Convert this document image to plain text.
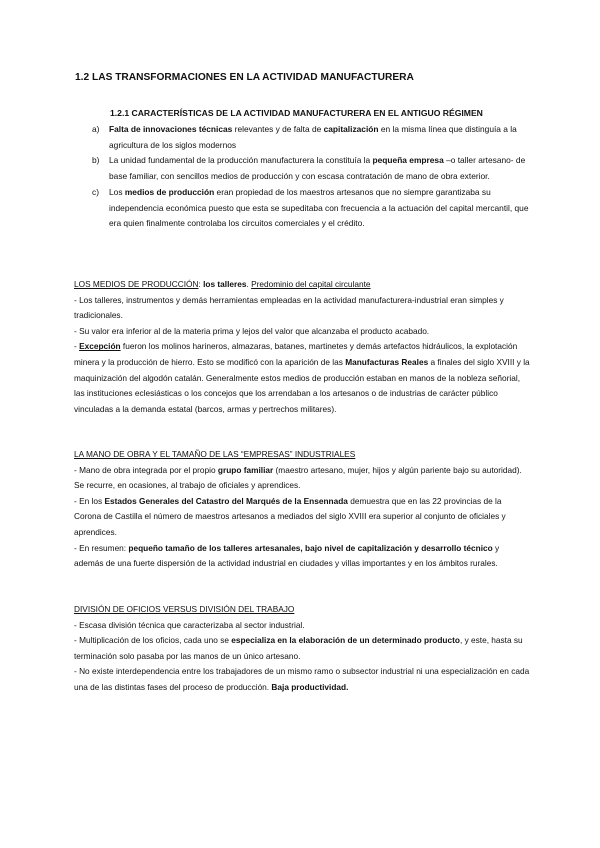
1.2 LAS TRANSFORMACIONES EN LA ACTIVIDAD MANUFACTURERA
1.2.1 CARACTERÍSTICAS DE LA ACTIVIDAD MANUFACTURERA EN EL ANTIGUO RÉGIMEN
a) Falta de innovaciones técnicas relevantes y de falta de capitalización en la misma línea que distinguía a la agricultura de los siglos modernos
b) La unidad fundamental de la producción manufacturera la constituía la pequeña empresa –o taller artesano- de base familiar, con sencillos medios de producción y con escasa contratación de mano de obra exterior.
c) Los medios de producción eran propiedad de los maestros artesanos que no siempre garantizaba su independencia económica puesto que esta se supeditaba con frecuencia a la actuación del capital mercantil, que era quien finalmente controlaba los circuitos comerciales y el crédito.

LOS MEDIOS DE PRODUCCIÓN: los talleres. Predominio del capital circulante

- Los talleres, instrumentos y demás herramientas empleadas en la actividad manufacturera-industrial eran simples y tradicionales.

- Su valor era inferior al de la materia prima y lejos del valor que alcanzaba el producto acabado.

- Excepción fueron los molinos harineros, almazaras, batanes, martinetes y demás artefactos hidráulicos, la explotación minera y la producción de hierro. Esto se modificó con la aparición de las Manufacturas Reales a finales del siglo XVIII y la maquinización del algodón catalán. Generalmente estos medios de producción estaban en manos de la nobleza señorial, las instituciones eclesiásticas o los concejos que los arrendaban a los artesanos o de industrias de carácter público vinculadas a la demanda estatal (barcos, armas y pertrechos militares).

LA MANO DE OBRA Y EL TAMAÑO DE LAS “EMPRESAS” INDUSTRIALES

- Mano de obra integrada por el propio grupo familiar (maestro artesano, mujer, hijos y algún pariente bajo su autoridad). Se recurre, en ocasiones, al trabajo de oficiales y aprendices.

- En los Estados Generales del Catastro del Marqués de la Ensennada demuestra que en las 22 provincias de la Corona de Castilla el número de maestros artesanos a mediados del siglo XVIII era superior al conjunto de oficiales y aprendices.

- En resumen: pequeño tamaño de los talleres artesanales, bajo nivel de capitalización y desarrollo técnico y además de una fuerte dispersión de la actividad industrial en ciudades y villas importantes y en los ámbitos rurales.

DIVISIÓN DE OFICIOS VERSUS DIVISIÓN DEL TRABAJO

- Escasa división técnica que caracterizaba al sector industrial.

- Multiplicación de los oficios, cada uno se especializa en la elaboración de un determinado producto, y este, hasta su terminación solo pasaba por las manos de un único artesano.

- No existe interdependencia entre los trabajadores de un mismo ramo o subsector industrial ni una especialización en cada una de las distintas fases del proceso de producción. Baja productividad.
